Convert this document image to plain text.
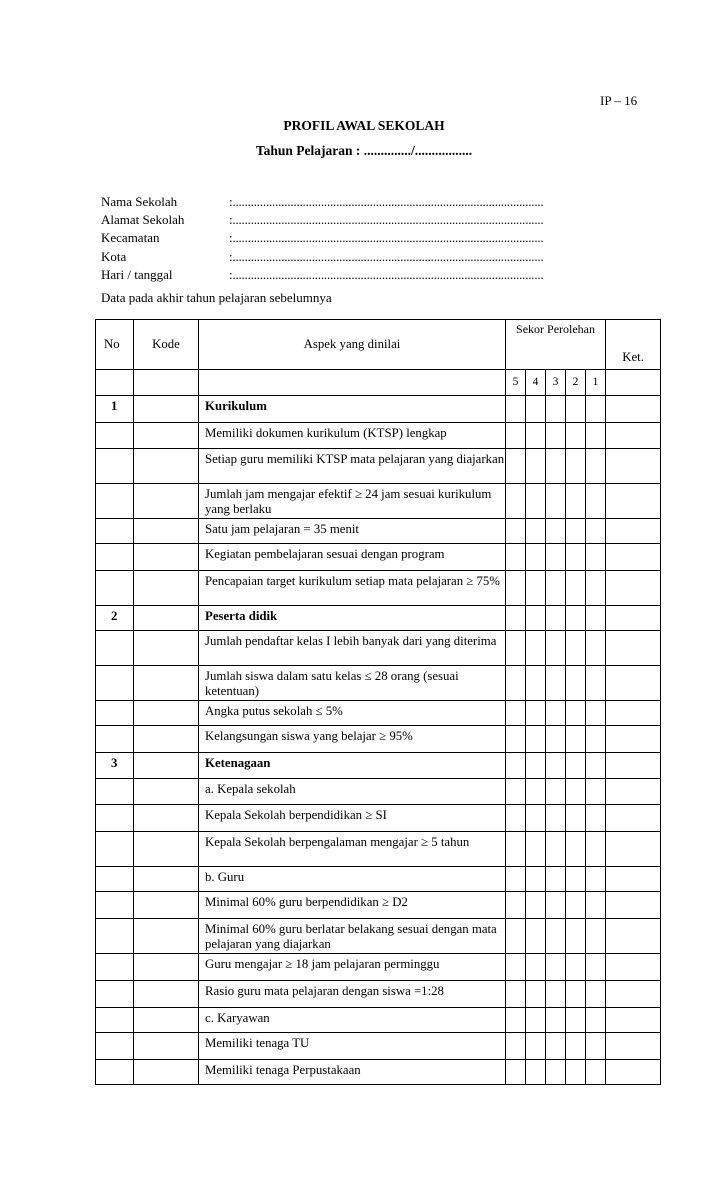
IP – 16
PROFIL AWAL SEKOLAH
Tahun Pelajaran : ............../.................
Nama Sekolah	:......................................................................................................
Alamat Sekolah	:......................................................................................................
Kecamatan	:......................................................................................................
Kota	:......................................................................................................
Hari / tanggal	:......................................................................................................
Data pada akhir tahun pelajaran sebelumnya
No	Kode	Aspek yang dinilai	Sekor Perolehan					Ket.
			5	4	3	2	1	
1		Kurikulum						
		Memiliki dokumen kurikulum (KTSP) lengkap						
		Setiap guru memiliki KTSP mata pelajaran yang diajarkan						
		Jumlah jam mengajar efektif ≥ 24 jam sesuai kurikulum yang berlaku						
		Satu jam pelajaran = 35 menit						
		Kegiatan pembelajaran sesuai dengan program						
		Pencapaian target kurikulum setiap mata pelajaran ≥ 75%						
2		Peserta didik						
		Jumlah pendaftar kelas I lebih banyak dari yang diterima						
		Jumlah siswa dalam satu kelas ≤ 28 orang (sesuai ketentuan)						
		Angka putus sekolah ≤ 5%						
		Kelangsungan siswa yang belajar ≥ 95%						
3		Ketenagaan						
		a. Kepala sekolah						
		Kepala Sekolah berpendidikan ≥ SI						
		Kepala Sekolah berpengalaman mengajar ≥ 5 tahun						
		b. Guru						
		Minimal 60% guru berpendidikan ≥ D2						
		Minimal 60% guru berlatar belakang sesuai dengan mata pelajaran yang diajarkan						
		Guru mengajar ≥ 18 jam pelajaran perminggu						
		Rasio guru mata pelajaran dengan siswa =1:28						
		c. Karyawan						
		Memiliki tenaga TU						
		Memiliki tenaga Perpustakaan						
